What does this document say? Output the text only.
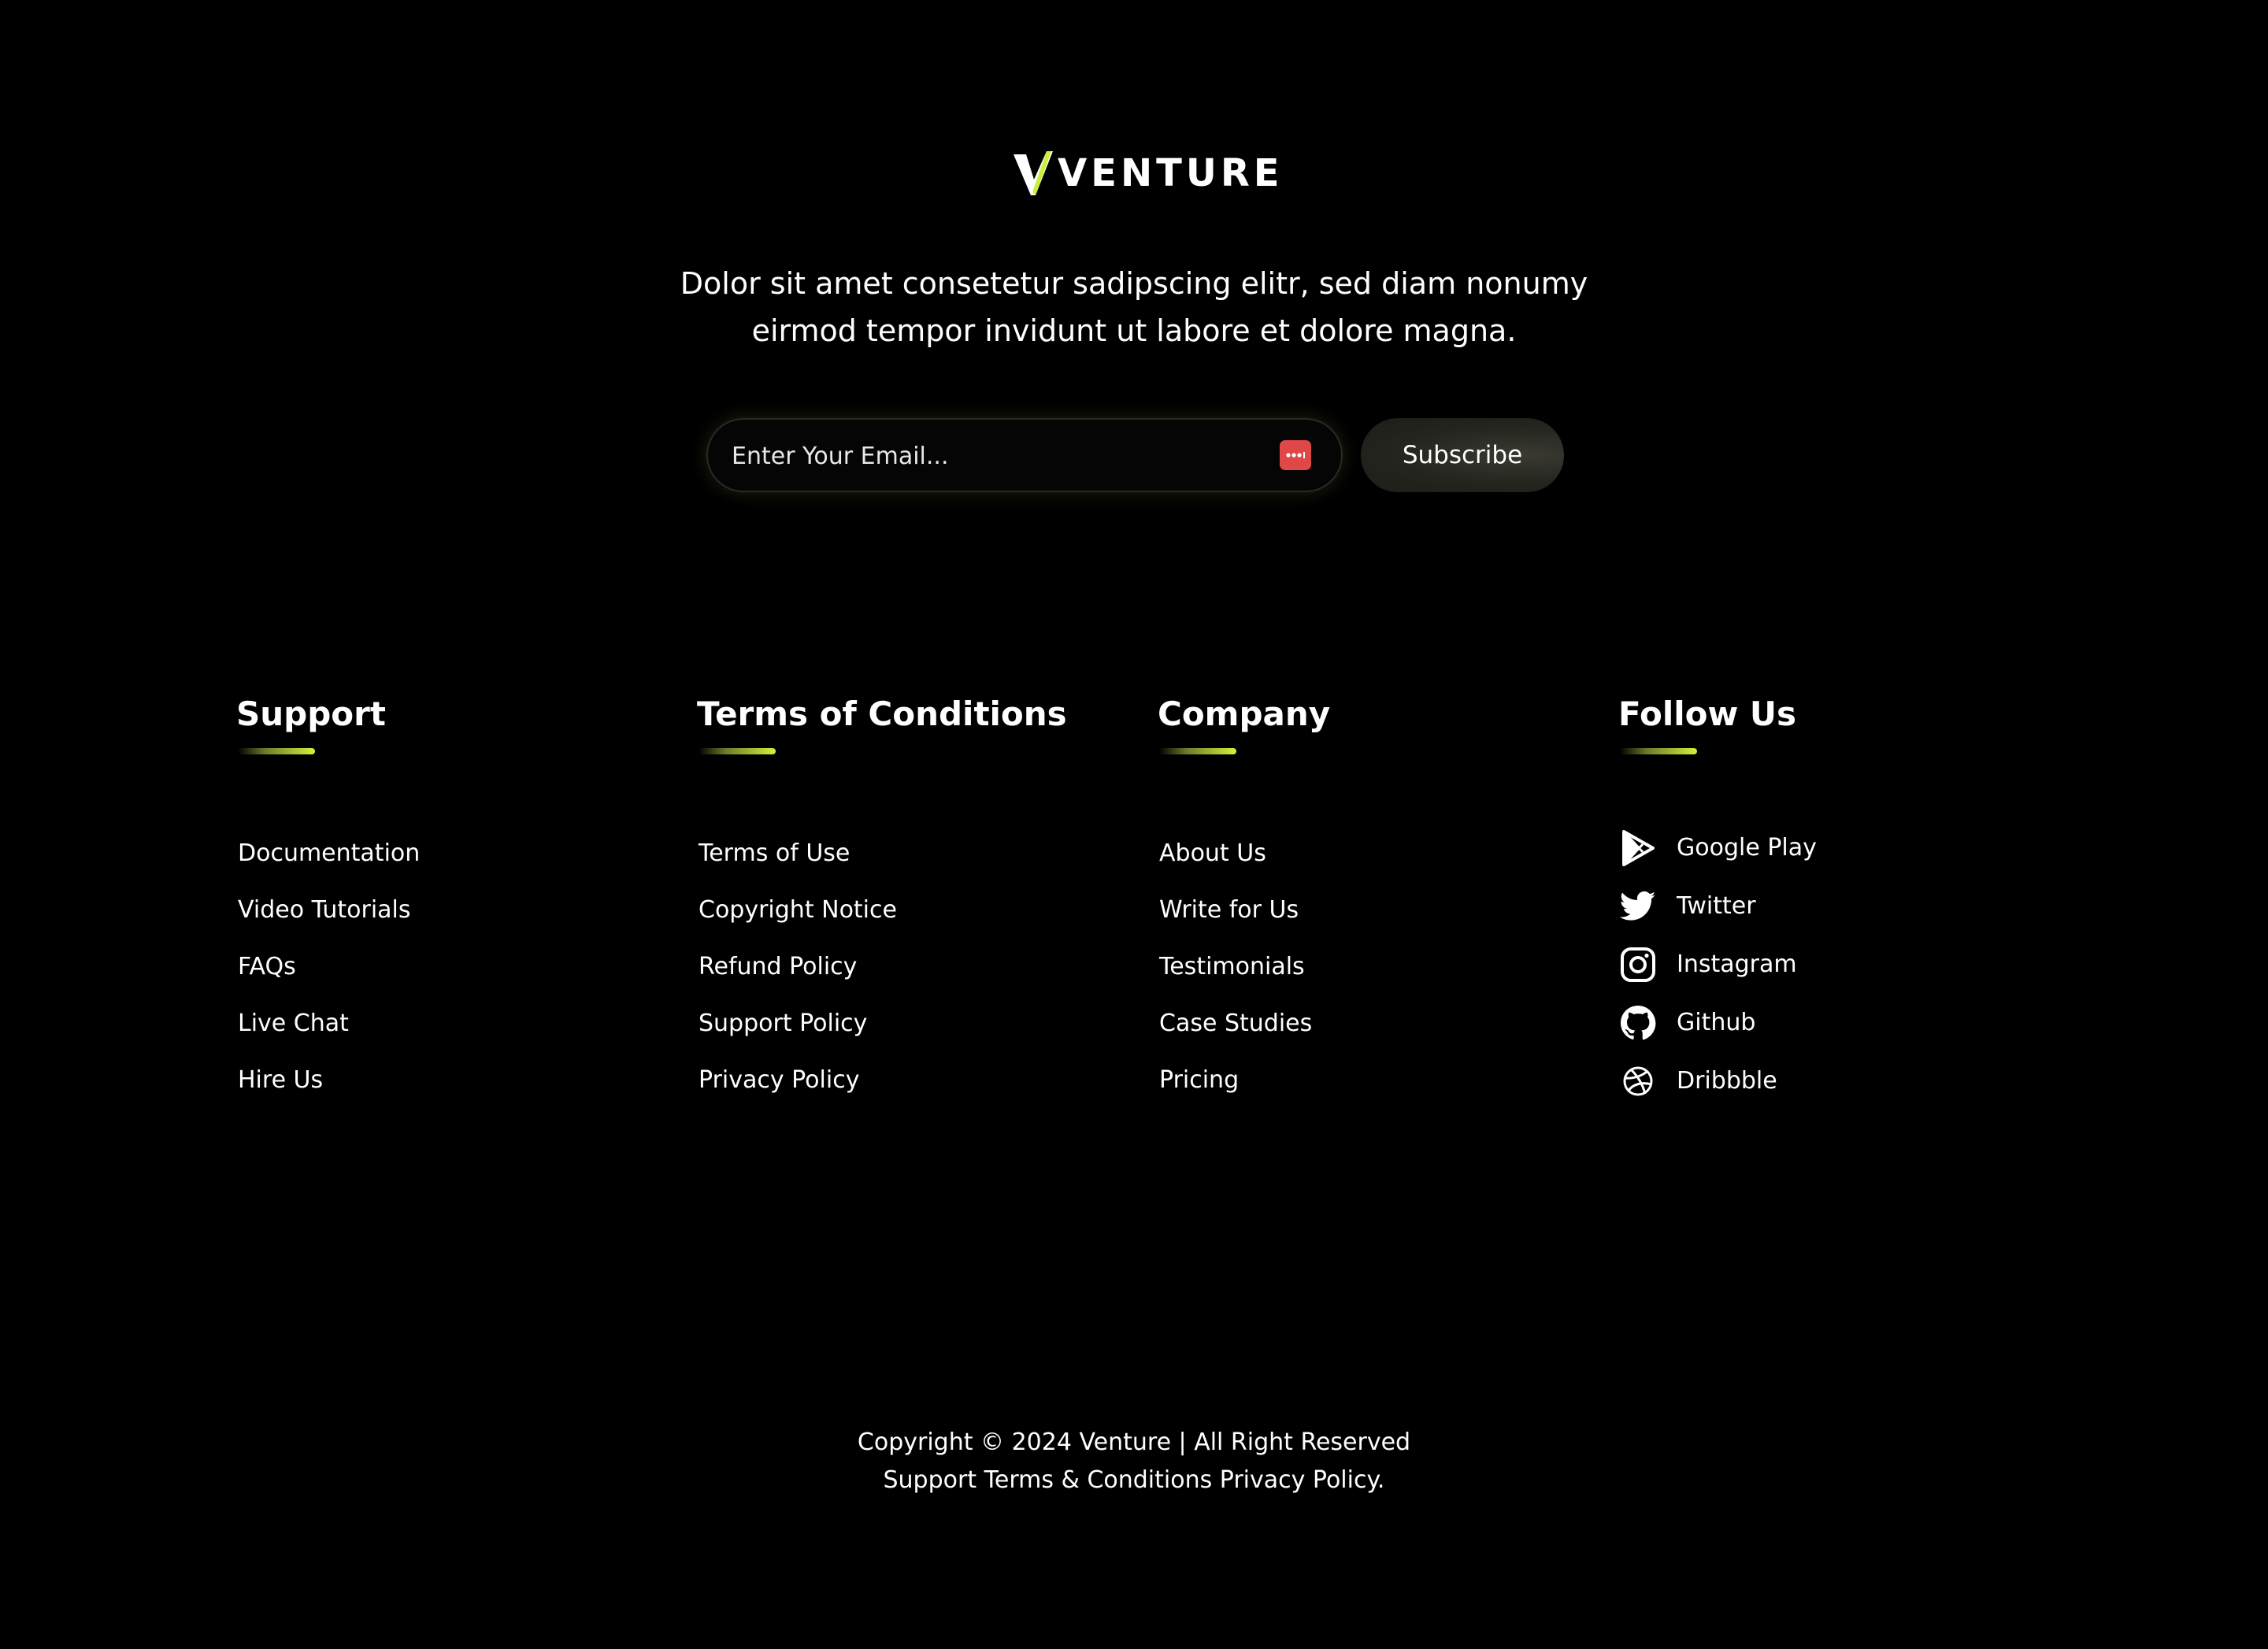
VENTURE

Dolor sit amet consetetur sadipscing elitr, sed diam nonumy
eirmod tempor invidunt ut labore et dolore magna.

Enter Your Email...
Subscribe
Support
Documentation
Video Tutorials
FAQs
Live Chat
Hire Us
Terms of Conditions
Terms of Use
Copyright Notice
Refund Policy
Support Policy
Privacy Policy
Company
About Us
Write for Us
Testimonials
Case Studies
Pricing
Follow Us
Google Play
Twitter
Instagram
Github
Dribbble
Copyright © 2024 Venture | All Right Reserved
Support Terms & Conditions Privacy Policy.
